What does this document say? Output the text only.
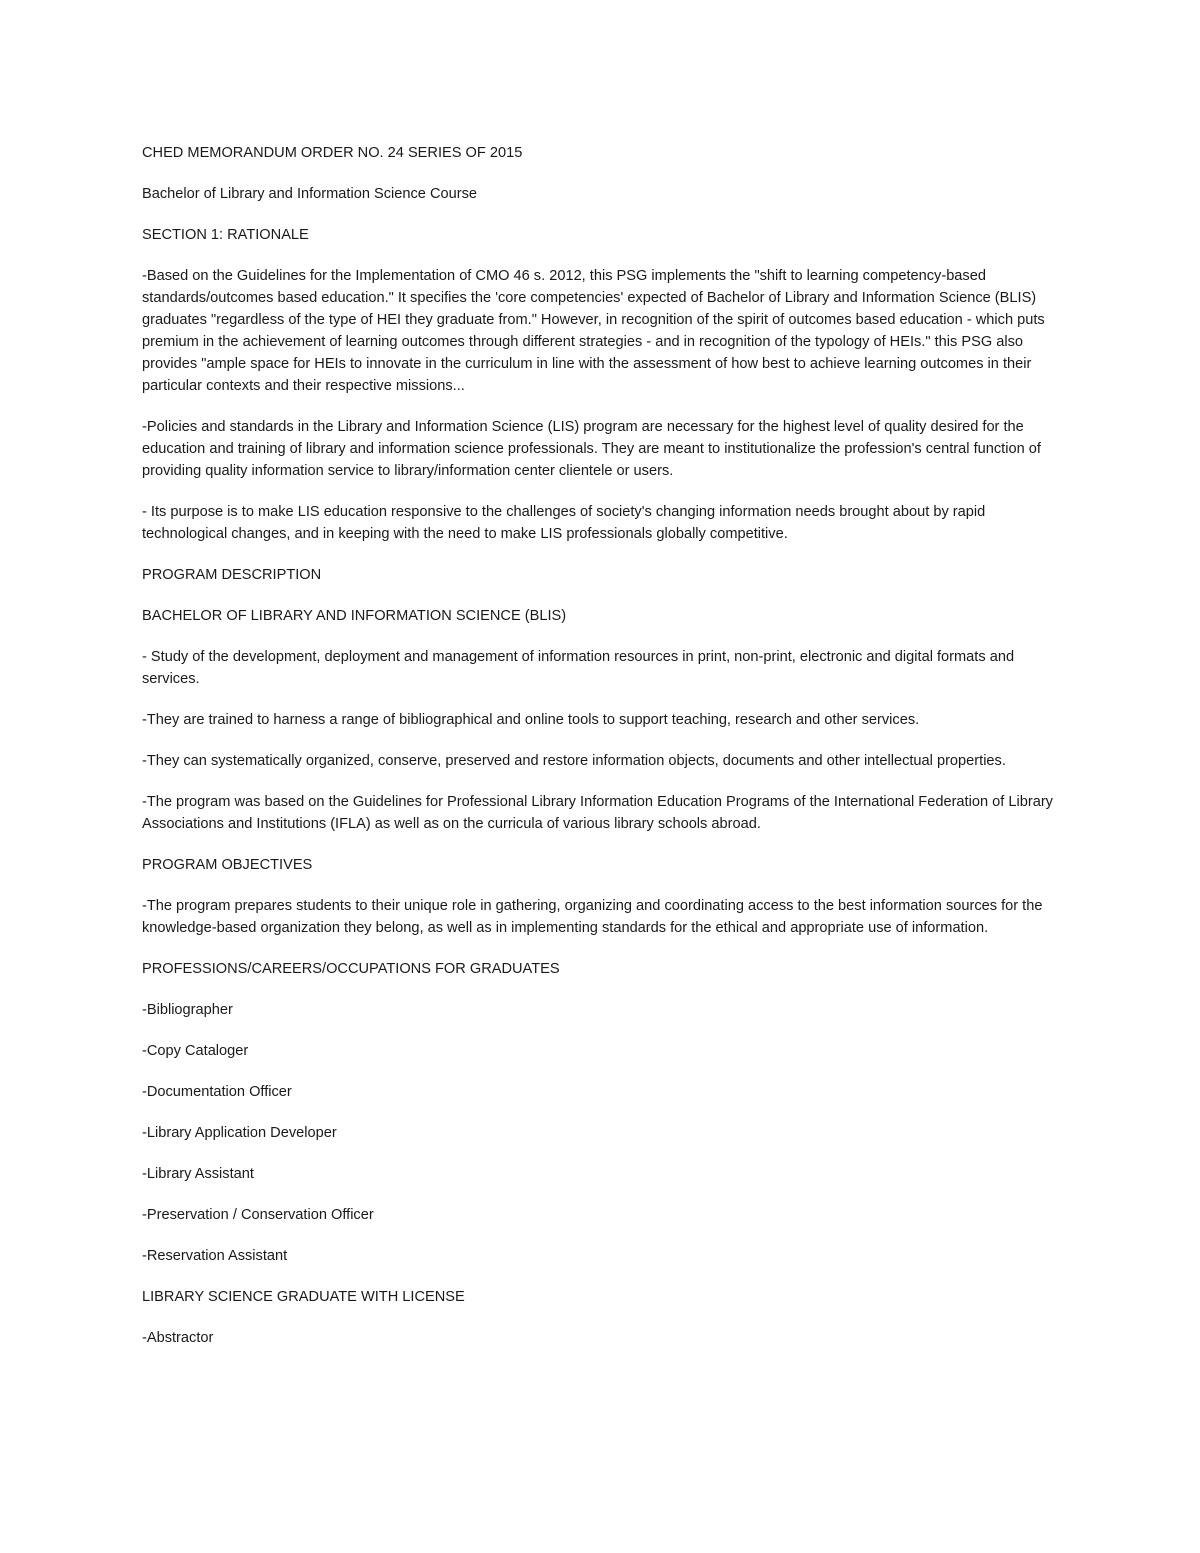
CHED MEMORANDUM ORDER NO. 24 SERIES OF 2015

Bachelor of Library and Information Science Course

SECTION 1: RATIONALE

-Based on the Guidelines for the Implementation of CMO 46 s. 2012, this PSG implements the "shift to learning competency-based standards/outcomes based education." It specifies the 'core competencies' expected of Bachelor of Library and Information Science (BLIS) graduates "regardless of the type of HEI they graduate from." However, in recognition of the spirit of outcomes based education - which puts premium in the achievement of learning outcomes through different strategies - and in recognition of the typology of HEIs." this PSG also provides "ample space for HEIs to innovate in the curriculum in line with the assessment of how best to achieve learning outcomes in their particular contexts and their respective missions...

-Policies and standards in the Library and Information Science (LIS) program are necessary for the highest level of quality desired for the education and training of library and information science professionals. They are meant to institutionalize the profession's central function of providing quality information service to library/information center clientele or users.

- Its purpose is to make LIS education responsive to the challenges of society's changing information needs brought about by rapid technological changes, and in keeping with the need to make LIS professionals globally competitive.

PROGRAM DESCRIPTION

BACHELOR OF LIBRARY AND INFORMATION SCIENCE (BLIS)

- Study of the development, deployment and management of information resources in print, non-print, electronic and digital formats and services.

-They are trained to harness a range of bibliographical and online tools to support teaching, research and other services.

-They can systematically organized, conserve, preserved and restore information objects, documents and other intellectual properties.

-The program was based on the Guidelines for Professional Library Information Education Programs of the International Federation of Library Associations and Institutions (IFLA) as well as on the curricula of various library schools abroad.

PROGRAM OBJECTIVES

-The program prepares students to their unique role in gathering, organizing and coordinating access to the best information sources for the knowledge-based organization they belong, as well as in implementing standards for the ethical and appropriate use of information.

PROFESSIONS/CAREERS/OCCUPATIONS FOR GRADUATES

-Bibliographer

-Copy Cataloger

-Documentation Officer

-Library Application Developer

-Library Assistant

-Preservation / Conservation Officer

-Reservation Assistant

LIBRARY SCIENCE GRADUATE WITH LICENSE

-Abstractor
